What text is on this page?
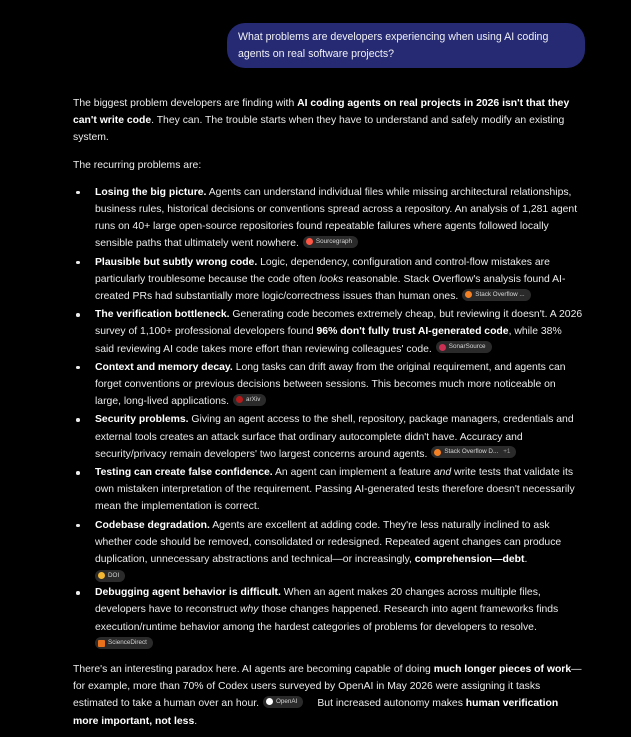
What problems are developers experiencing when using AI coding agents on real software projects?

The biggest problem developers are finding with AI coding agents on real projects in 2026 isn't that they can't write code. They can. The trouble starts when they have to understand and safely modify an existing system.

The recurring problems are:

Losing the big picture. Agents can understand individual files while missing architectural relationships, business rules, historical decisions or conventions spread across a repository. An analysis of 1,281 agent runs on 40+ large open-source repositories found repeatable failures where agents followed locally sensible paths that ultimately went nowhere.	Sourcegraph
Plausible but subtly wrong code. Logic, dependency, configuration and control-flow mistakes are particularly troublesome because the code often looks reasonable. Stack Overflow's analysis found AI-created PRs had substantially more logic/correctness issues than human ones.	Stack Overflow ...
The verification bottleneck. Generating code becomes extremely cheap, but reviewing it doesn't. A 2026 survey of 1,100+ professional developers found 96% don't fully trust AI-generated code, while 38% said reviewing AI code takes more effort than reviewing colleagues' code.	SonarSource
Context and memory decay. Long tasks can drift away from the original requirement, and agents can forget conventions or previous decisions between sessions. This becomes much more noticeable on large, long-lived applications.	arXiv
Security problems. Giving an agent access to the shell, repository, package managers, credentials and external tools creates an attack surface that ordinary autocomplete didn't have. Accuracy and security/privacy remain developers' two largest concerns around agents.	Stack Overflow D... +1
Testing can create false confidence. An agent can implement a feature and write tests that validate its own mistaken interpretation of the requirement. Passing AI-generated tests therefore doesn't necessarily mean the implementation is correct.
Codebase degradation. Agents are excellent at adding code. They're less naturally inclined to ask whether code should be removed, consolidated or redesigned. Repeated agent changes can produce duplication, unnecessary abstractions and technical—or increasingly, comprehension—debt.
DOI
Debugging agent behavior is difficult. When an agent makes 20 changes across multiple files, developers have to reconstruct why those changes happened. Research into agent frameworks finds execution/runtime behavior among the hardest categories of problems for developers to resolve.
ScienceDirect

There's an interesting paradox here. AI agents are becoming capable of doing much longer pieces of work—for example, more than 70% of Codex users surveyed by OpenAI in May 2026 were assigning it tasks estimated to take a human over an hour.	OpenAI But increased autonomy makes human verification more important, not less.
